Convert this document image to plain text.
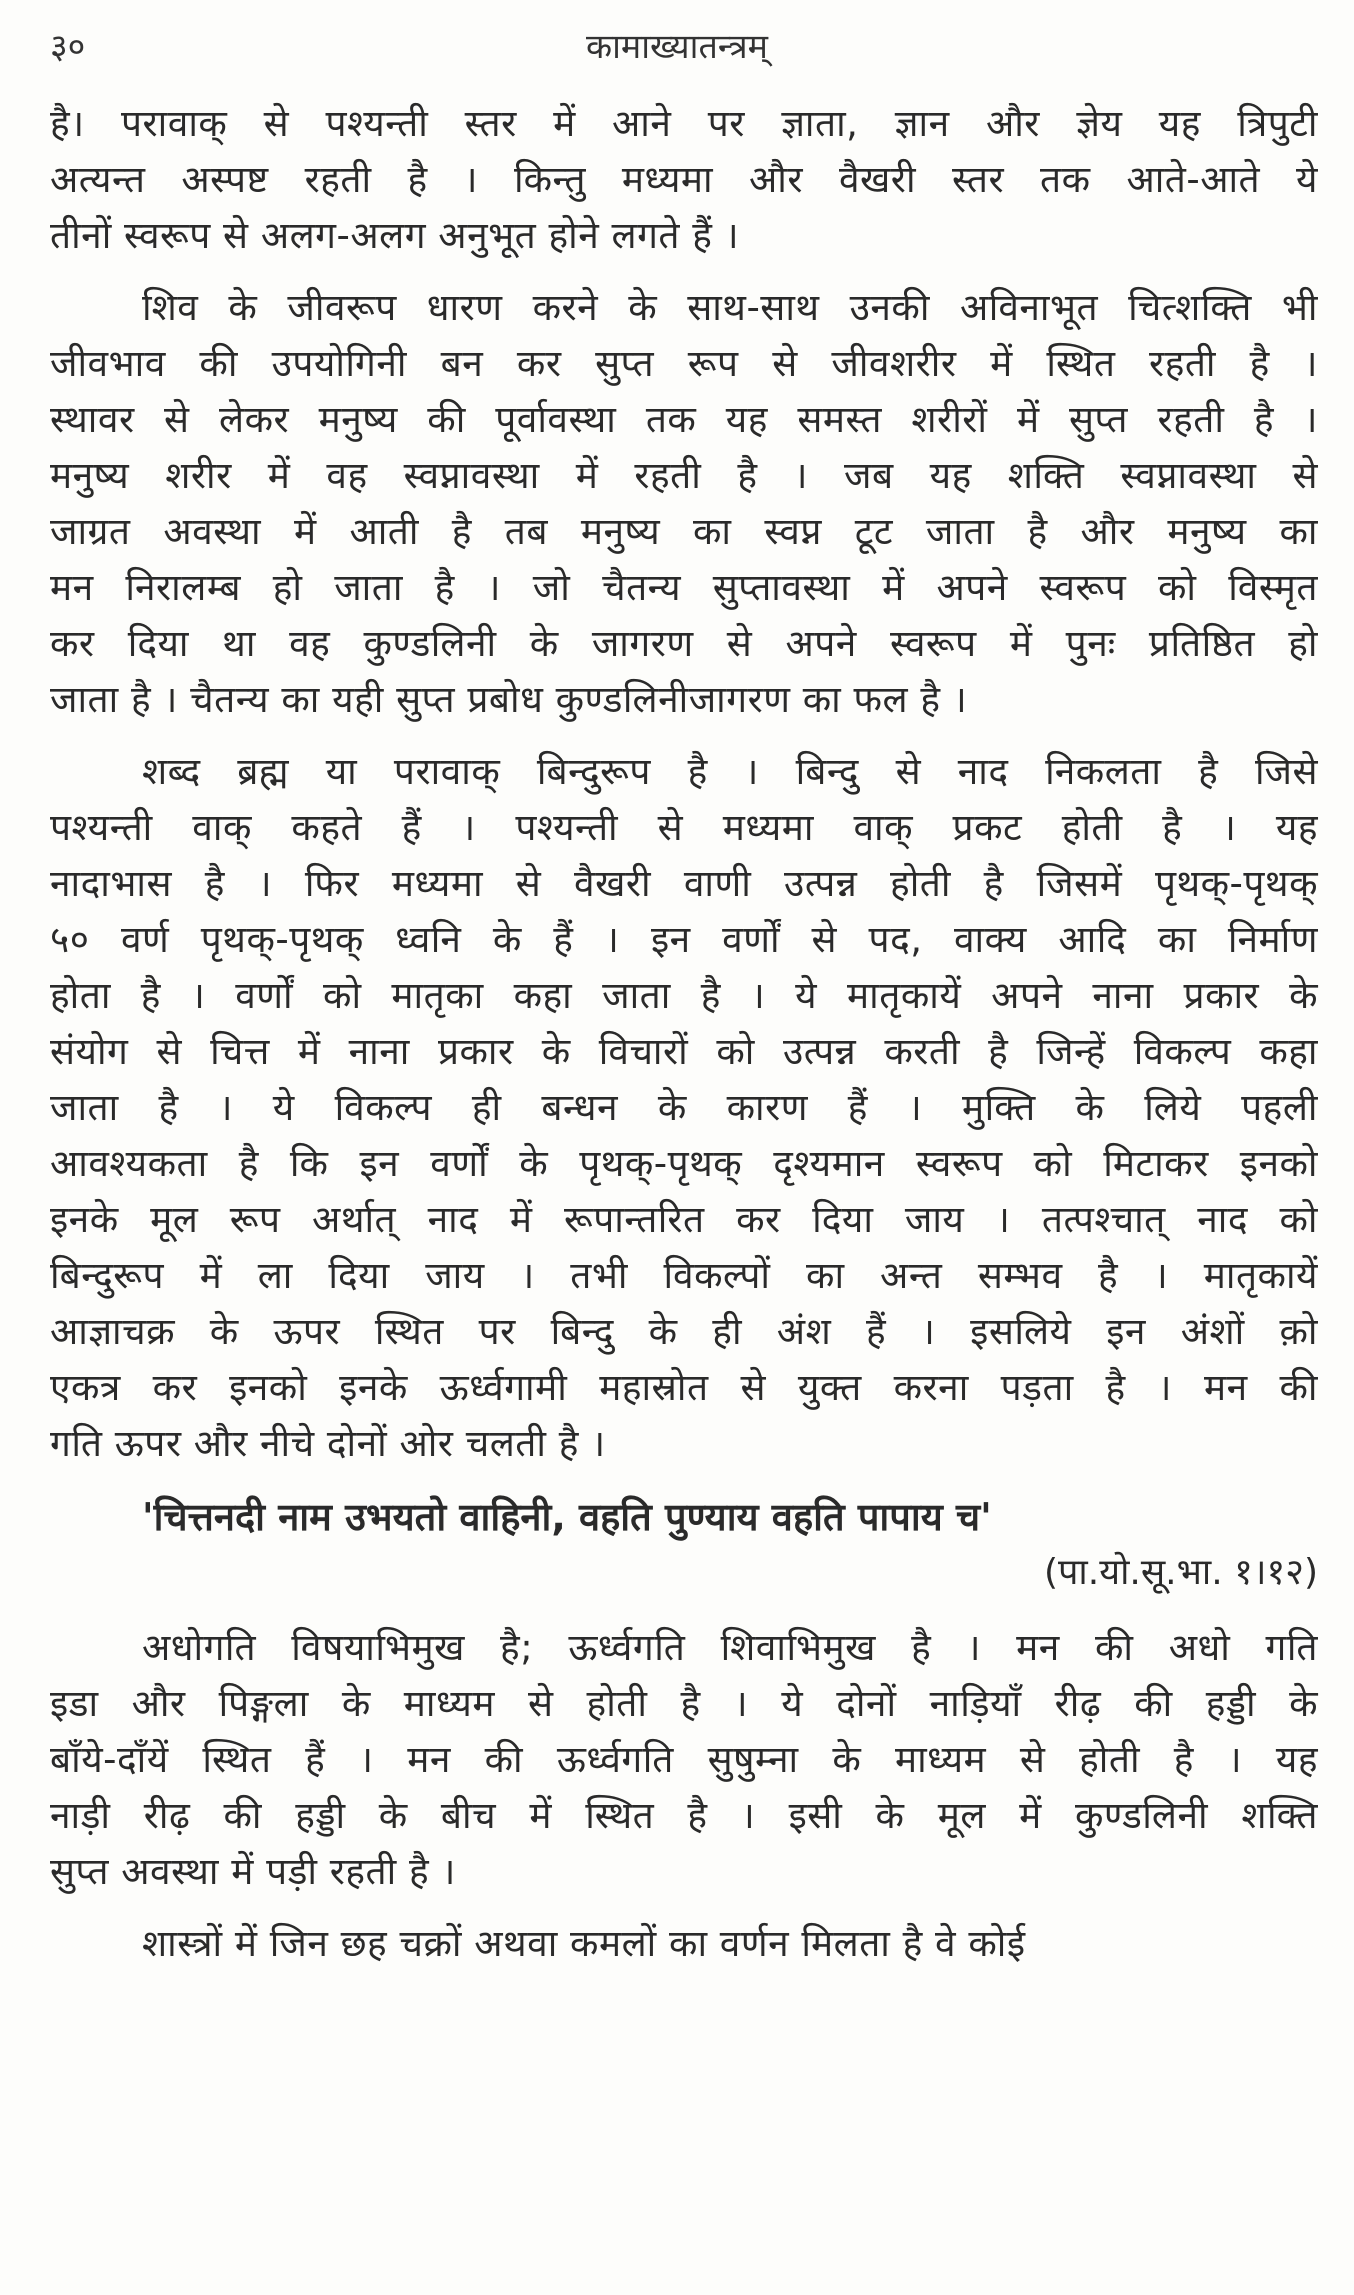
३०	कामाख्यातन्त्रम्
है। परावाक् से पश्यन्ती स्तर में आने पर ज्ञाता, ज्ञान और ज्ञेय यह त्रिपुटी
अत्यन्त अस्पष्ट रहती है । किन्तु मध्यमा और वैखरी स्तर तक आते-आते ये
तीनों स्वरूप से अलग-अलग अनुभूत होने लगते हैं ।
शिव के जीवरूप धारण करने के साथ-साथ उनकी अविनाभूत चित्शक्ति भी
जीवभाव की उपयोगिनी बन कर सुप्त रूप से जीवशरीर में स्थित रहती है ।
स्थावर से लेकर मनुष्य की पूर्वावस्था तक यह समस्त शरीरों में सुप्त रहती है ।
मनुष्य शरीर में वह स्वप्नावस्था में रहती है । जब यह शक्ति स्वप्नावस्था से
जाग्रत अवस्था में आती है तब मनुष्य का स्वप्न टूट जाता है और मनुष्य का
मन निरालम्ब हो जाता है । जो चैतन्य सुप्तावस्था में अपने स्वरूप को विस्मृत
कर दिया था वह कुण्डलिनी के जागरण से अपने स्वरूप में पुनः प्रतिष्ठित हो
जाता है । चैतन्य का यही सुप्त प्रबोध कुण्डलिनीजागरण का फल है ।
शब्द ब्रह्म या परावाक् बिन्दुरूप है । बिन्दु से नाद निकलता है जिसे
पश्यन्ती वाक् कहते हैं । पश्यन्ती से मध्यमा वाक् प्रकट होती है । यह
नादाभास है । फिर मध्यमा से वैखरी वाणी उत्पन्न होती है जिसमें पृथक्-पृथक्
५० वर्ण पृथक्-पृथक् ध्वनि के हैं । इन वर्णों से पद, वाक्य आदि का निर्माण
होता है । वर्णों को मातृका कहा जाता है । ये मातृकायें अपने नाना प्रकार के
संयोग से चित्त में नाना प्रकार के विचारों को उत्पन्न करती है जिन्हें विकल्प कहा
जाता है । ये विकल्प ही बन्धन के कारण हैं । मुक्ति के लिये पहली
आवश्यकता है कि इन वर्णों के पृथक्-पृथक् दृश्यमान स्वरूप को मिटाकर इनको
इनके मूल रूप अर्थात् नाद में रूपान्तरित कर दिया जाय । तत्पश्चात् नाद को
बिन्दुरूप में ला दिया जाय । तभी विकल्पों का अन्त सम्भव है । मातृकायें
आज्ञाचक्र के ऊपर स्थित पर बिन्दु के ही अंश हैं । इसलिये इन अंशों क़ो
एकत्र कर इनको इनके ऊर्ध्वगामी महास्रोत से युक्त करना पड़ता है । मन की
गति ऊपर और नीचे दोनों ओर चलती है ।
'चित्तनदी नाम उभयतो वाहिनी, वहति पुण्याय वहति पापाय च'
(पा.यो.सू.भा. १।१२)
अधोगति विषयाभिमुख है; ऊर्ध्वगति शिवाभिमुख है । मन की अधो गति
इडा और पिङ्गला के माध्यम से होती है । ये दोनों नाड़ियाँ रीढ़ की हड्डी के
बाँये-दाँयें स्थित हैं । मन की ऊर्ध्वगति सुषुम्ना के माध्यम से होती है । यह
नाड़ी रीढ़ की हड्डी के बीच में स्थित है । इसी के मूल में कुण्डलिनी शक्ति
सुप्त अवस्था में पड़ी रहती है ।
शास्त्रों में जिन छह चक्रों अथवा कमलों का वर्णन मिलता है वे कोई
